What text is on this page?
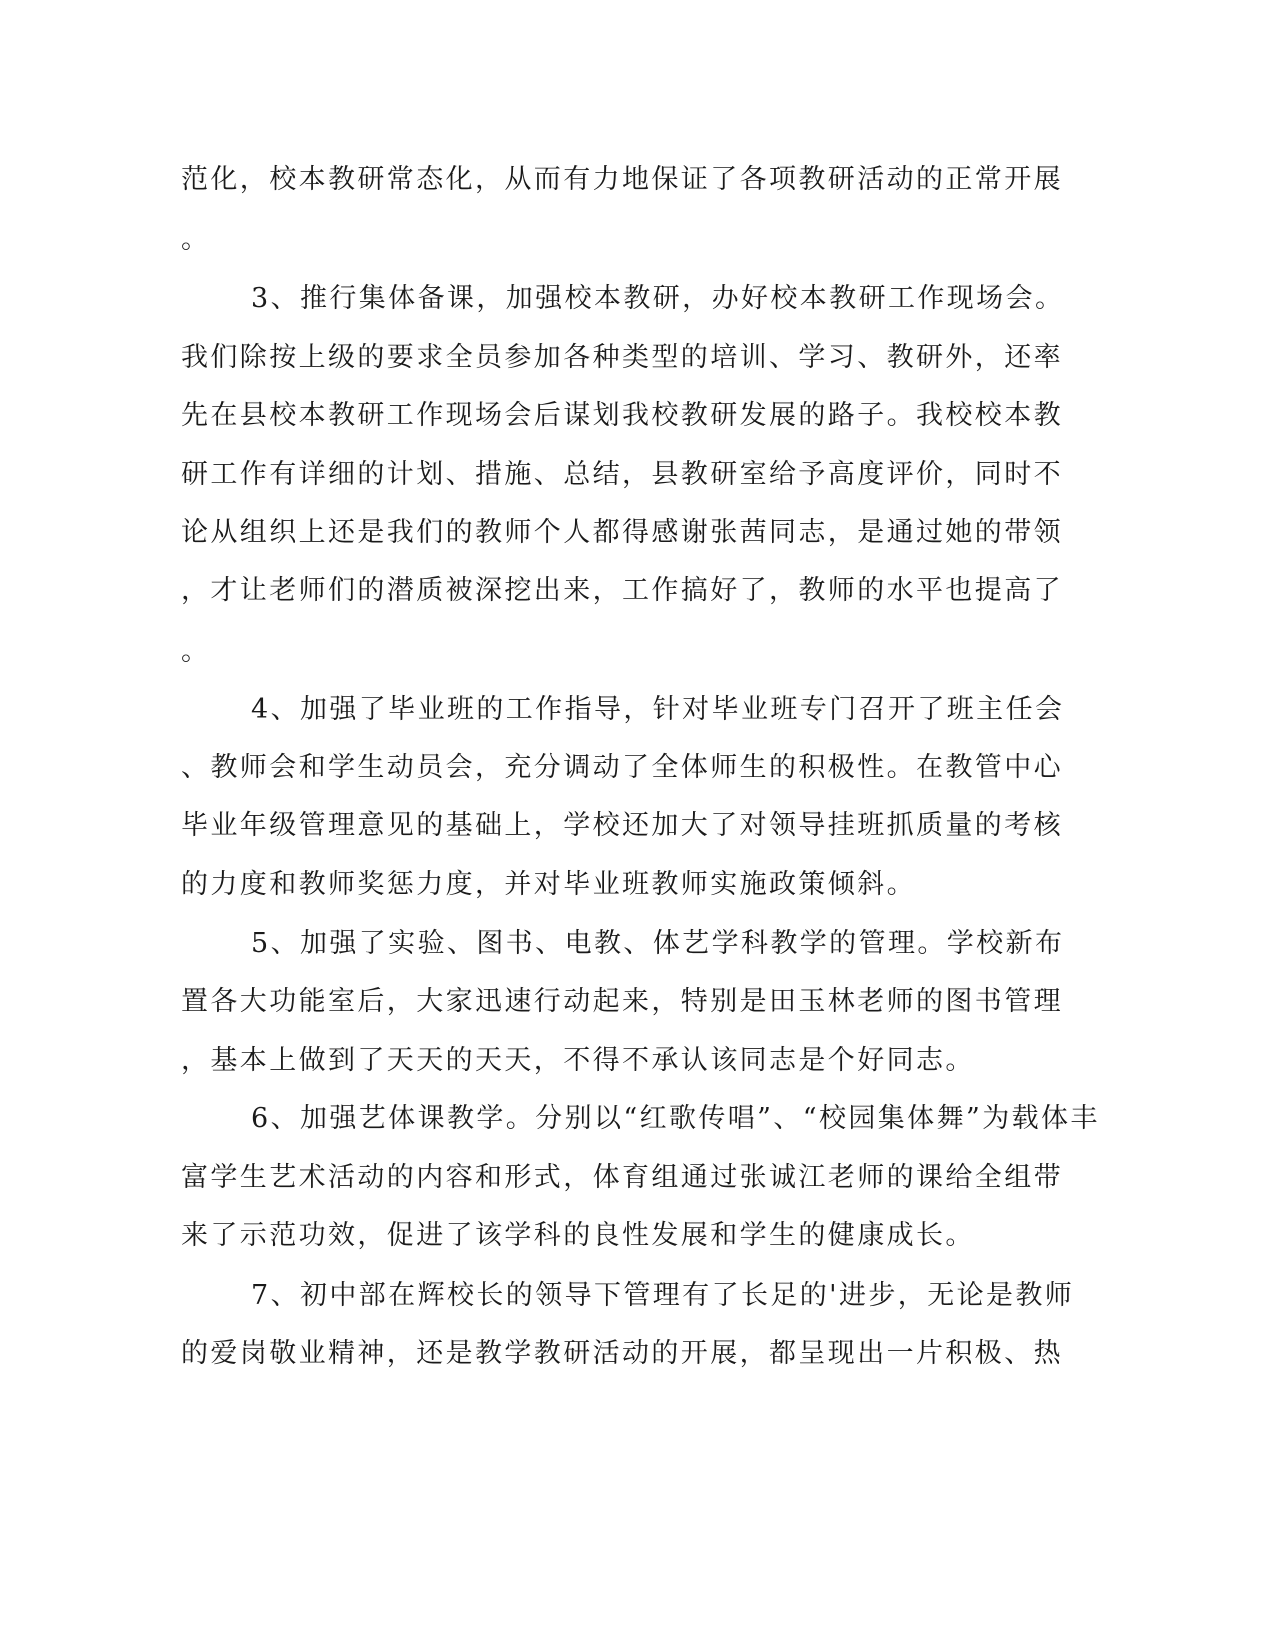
范化，校本教研常态化，从而有力地保证了各项教研活动的正常开展
。
3、推行集体备课，加强校本教研，办好校本教研工作现场会。
我们除按上级的要求全员参加各种类型的培训、学习、教研外，还率
先在县校本教研工作现场会后谋划我校教研发展的路子。我校校本教
研工作有详细的计划、措施、总结，县教研室给予高度评价，同时不
论从组织上还是我们的教师个人都得感谢张茜同志，是通过她的带领
，才让老师们的潜质被深挖出来，工作搞好了，教师的水平也提高了
。
4、加强了毕业班的工作指导，针对毕业班专门召开了班主任会
、教师会和学生动员会，充分调动了全体师生的积极性。在教管中心
毕业年级管理意见的基础上，学校还加大了对领导挂班抓质量的考核
的力度和教师奖惩力度，并对毕业班教师实施政策倾斜。
5、加强了实验、图书、电教、体艺学科教学的管理。学校新布
置各大功能室后，大家迅速行动起来，特别是田玉林老师的图书管理
，基本上做到了天天的天天，不得不承认该同志是个好同志。
6、加强艺体课教学。分别以“红歌传唱”、“校园集体舞”为载体丰
富学生艺术活动的内容和形式，体育组通过张诚江老师的课给全组带
来了示范功效，促进了该学科的良性发展和学生的健康成长。
7、初中部在辉校长的领导下管理有了长足的'进步，无论是教师
的爱岗敬业精神，还是教学教研活动的开展，都呈现出一片积极、热
